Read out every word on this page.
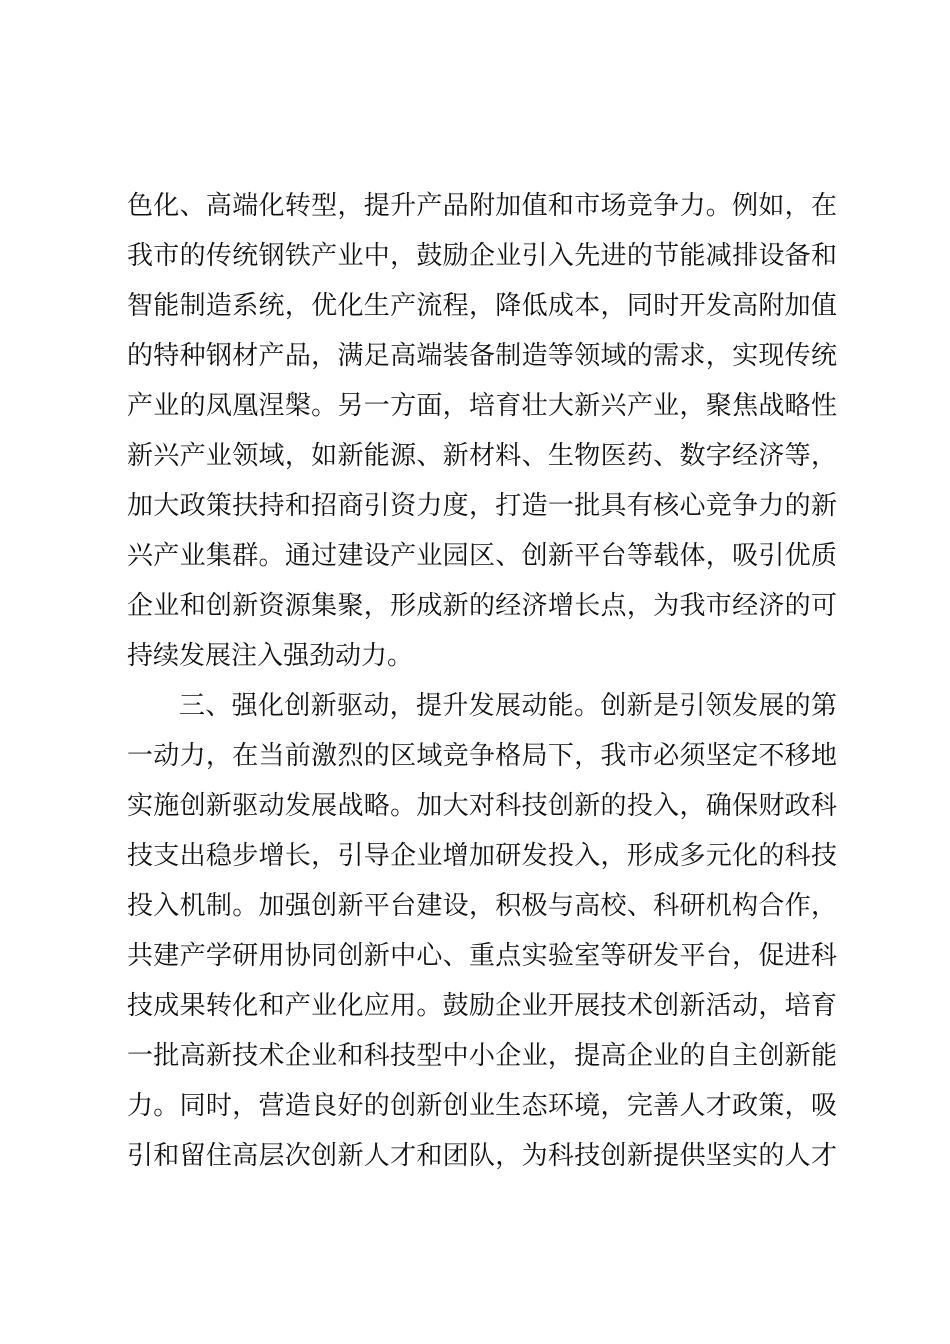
色化、高端化转型，提升产品附加值和市场竞争力。例如，在
我市的传统钢铁产业中，鼓励企业引入先进的节能减排设备和
智能制造系统，优化生产流程，降低成本，同时开发高附加值
的特种钢材产品，满足高端装备制造等领域的需求，实现传统
产业的凤凰涅槃。另一方面，培育壮大新兴产业，聚焦战略性
新兴产业领域，如新能源、新材料、生物医药、数字经济等，
加大政策扶持和招商引资力度，打造一批具有核心竞争力的新
兴产业集群。通过建设产业园区、创新平台等载体，吸引优质
企业和创新资源集聚，形成新的经济增长点，为我市经济的可
持续发展注入强劲动力。
三、强化创新驱动，提升发展动能。创新是引领发展的第
一动力，在当前激烈的区域竞争格局下，我市必须坚定不移地
实施创新驱动发展战略。加大对科技创新的投入，确保财政科
技支出稳步增长，引导企业增加研发投入，形成多元化的科技
投入机制。加强创新平台建设，积极与高校、科研机构合作，
共建产学研用协同创新中心、重点实验室等研发平台，促进科
技成果转化和产业化应用。鼓励企业开展技术创新活动，培育
一批高新技术企业和科技型中小企业，提高企业的自主创新能
力。同时，营造良好的创新创业生态环境，完善人才政策，吸
引和留住高层次创新人才和团队，为科技创新提供坚实的人才
